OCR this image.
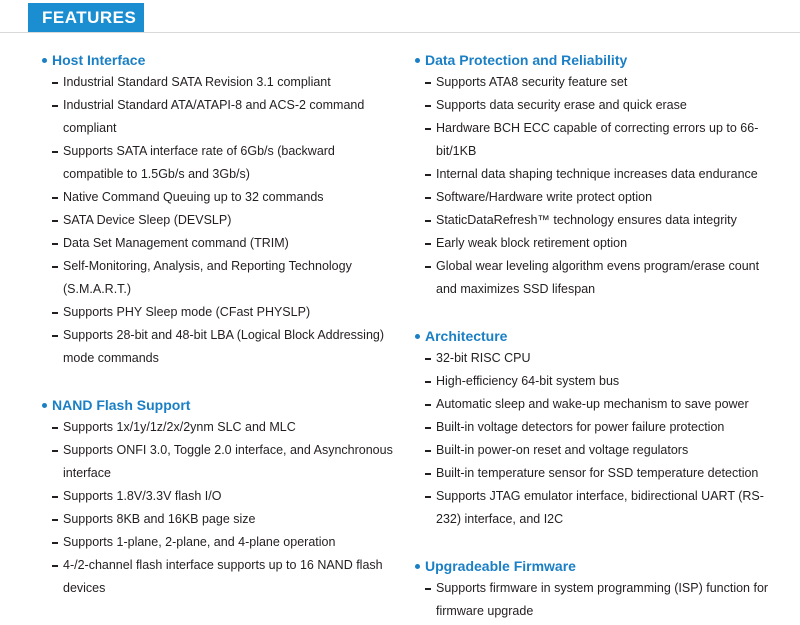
FEATURES
Host Interface
Industrial Standard SATA Revision 3.1 compliant
Industrial Standard ATA/ATAPI-8 and ACS-2 command compliant
Supports SATA interface rate of 6Gb/s (backward compatible to 1.5Gb/s and 3Gb/s)
Native Command Queuing up to 32 commands
SATA Device Sleep (DEVSLP)
Data Set Management command (TRIM)
Self-Monitoring, Analysis, and Reporting Technology (S.M.A.R.T.)
Supports PHY Sleep mode (CFast PHYSLP)
Supports 28-bit and 48-bit LBA (Logical Block Addressing) mode commands
NAND Flash Support
Supports 1x/1y/1z/2x/2ynm SLC and MLC
Supports ONFI 3.0, Toggle 2.0 interface, and Asynchronous interface
Supports 1.8V/3.3V flash I/O
Supports 8KB and 16KB page size
Supports 1-plane, 2-plane, and 4-plane operation
4-/2-channel flash interface supports up to 16 NAND flash devices
Data Protection and Reliability
Supports ATA8 security feature set
Supports data security erase and quick erase
Hardware BCH ECC capable of correcting errors up to 66-bit/1KB
Internal data shaping technique increases data endurance
Software/Hardware write protect option
StaticDataRefresh™ technology ensures data integrity
Early weak block retirement option
Global wear leveling algorithm evens program/erase count and maximizes SSD lifespan
Architecture
32-bit RISC CPU
High-efficiency 64-bit system bus
Automatic sleep and wake-up mechanism to save power
Built-in voltage detectors for power failure protection
Built-in power-on reset and voltage regulators
Built-in temperature sensor for SSD temperature detection
Supports JTAG emulator interface, bidirectional UART (RS-232) interface, and I2C
Upgradeable Firmware
Supports firmware in system programming (ISP) function for firmware upgrade
